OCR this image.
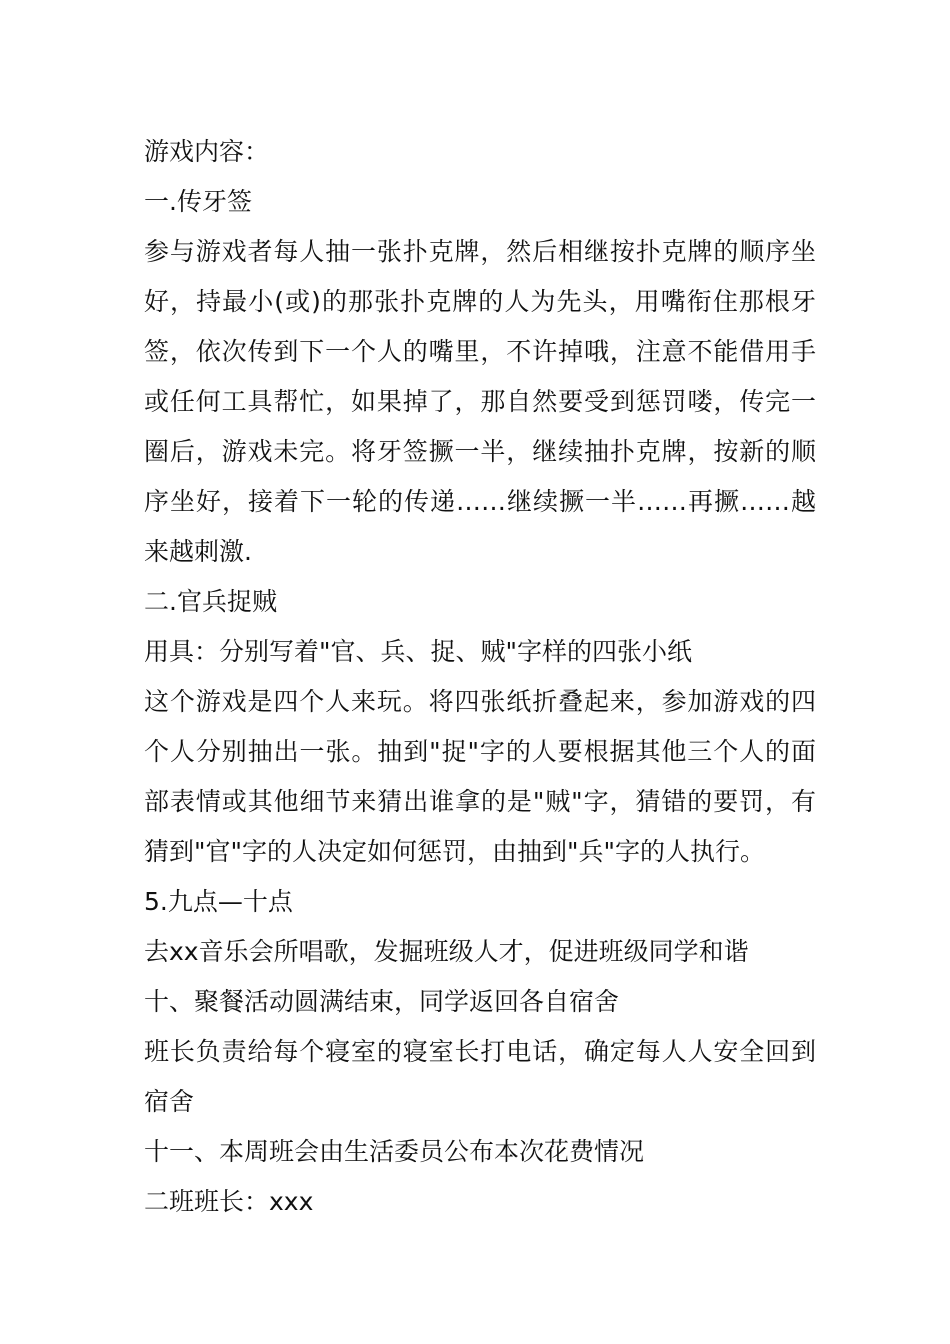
游戏内容：

一.传牙签

参与游戏者每人抽一张扑克牌，然后相继按扑克牌的顺序坐好，持最小(或)的那张扑克牌的人为先头，用嘴衔住那根牙签，依次传到下一个人的嘴里，不许掉哦，注意不能借用手或任何工具帮忙，如果掉了，那自然要受到惩罚喽，传完一圈后，游戏未完。将牙签撅一半，继续抽扑克牌，按新的顺序坐好，接着下一轮的传递……继续撅一半……再撅……越来越刺激.

二.官兵捉贼

用具：分别写着"官、兵、捉、贼"字样的四张小纸

这个游戏是四个人来玩。将四张纸折叠起来，参加游戏的四个人分别抽出一张。抽到"捉"字的人要根据其他三个人的面部表情或其他细节来猜出谁拿的是"贼"字，猜错的要罚，有猜到"官"字的人决定如何惩罚，由抽到"兵"字的人执行。

5.九点—十点

去xx音乐会所唱歌，发掘班级人才，促进班级同学和谐

十、聚餐活动圆满结束，同学返回各自宿舍

班长负责给每个寝室的寝室长打电话，确定每人人安全回到宿舍

十一、本周班会由生活委员公布本次花费情况

二班班长：xxx
